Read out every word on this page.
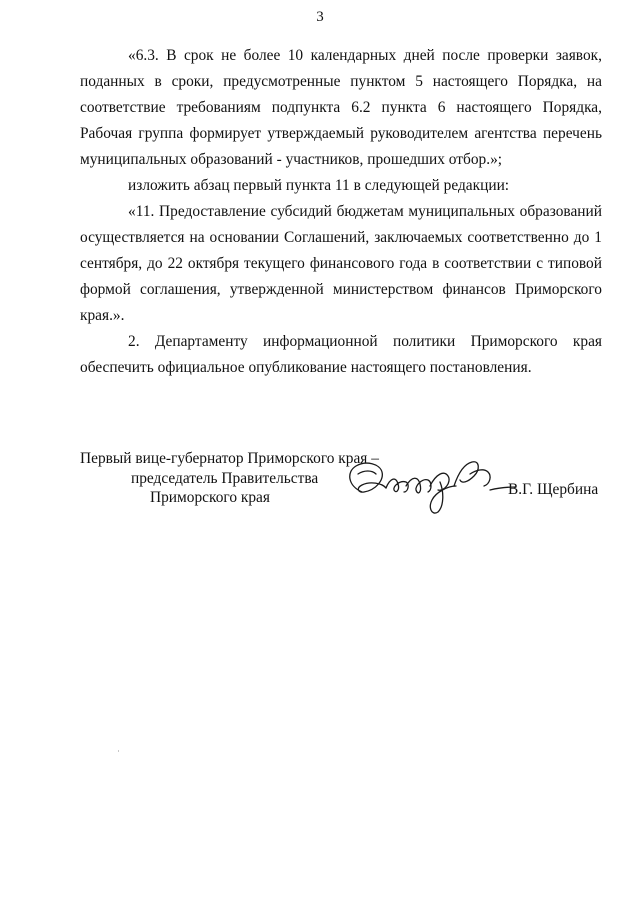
3

«6.3. В срок не более 10 календарных дней после проверки заявок, поданных в сроки, предусмотренные пунктом 5 настоящего Порядка, на соответствие требованиям подпункта 6.2 пункта 6 настоящего Порядка, Рабочая группа формирует утверждаемый руководителем агентства перечень муниципальных образований - участников, прошедших отбор.»;

изложить абзац первый пункта 11 в следующей редакции:

«11. Предоставление субсидий бюджетам муниципальных образований осуществляется на основании Соглашений, заключаемых соответственно до 1 сентября, до 22 октября текущего финансового года в соответствии с типовой формой соглашения, утвержденной министерством финансов Приморского края.».

2. Департаменту информационной политики Приморского края обеспечить официальное опубликование настоящего постановления.

Первый вице-губернатор Приморского края –
председатель Правительства
Приморского края	В.Г. Щербина
